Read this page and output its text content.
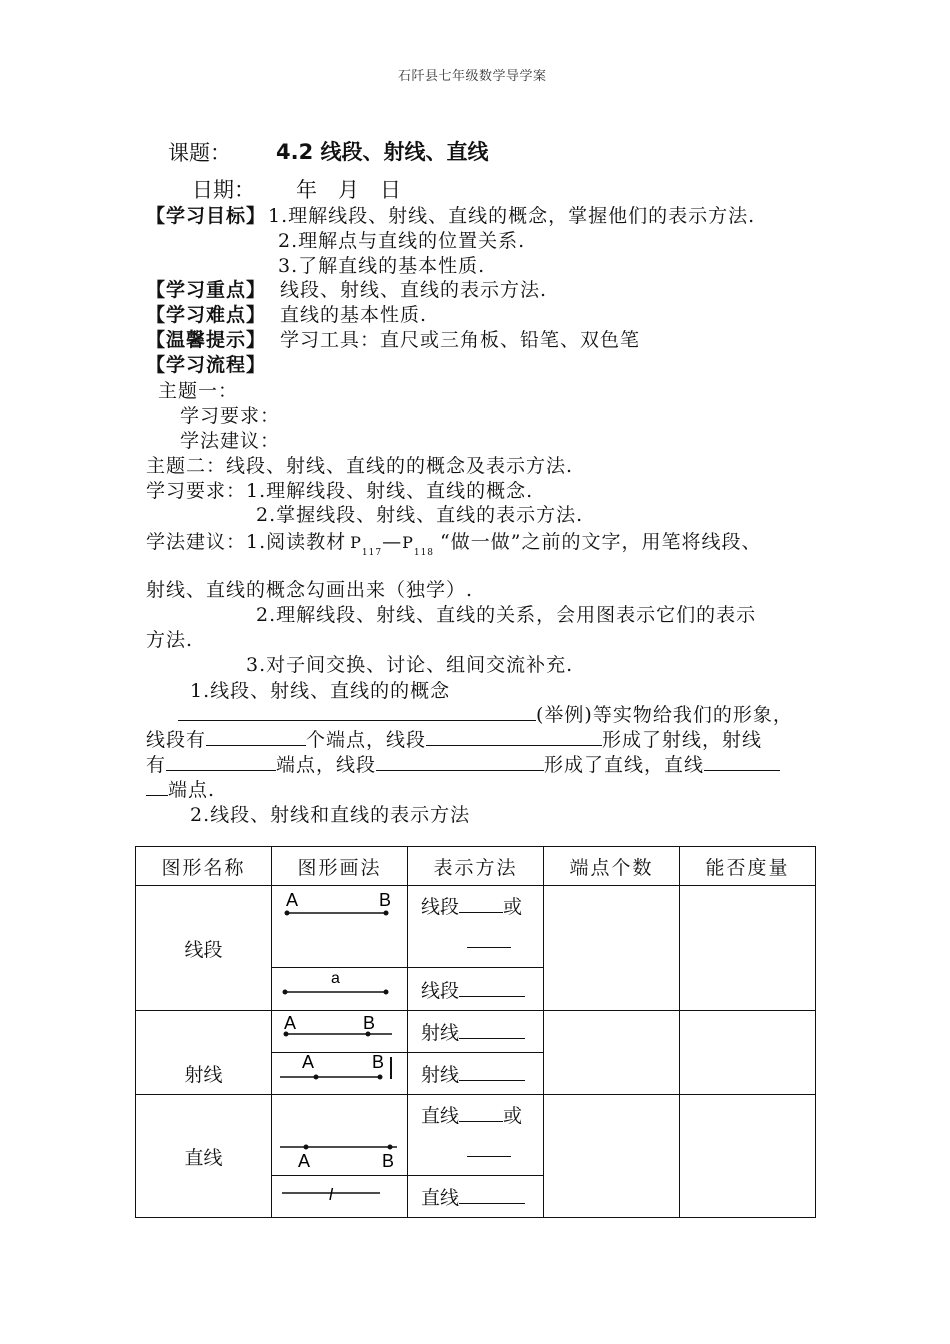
石阡县七年级数学导学案
课题： 4.2 线段、射线、直线
日期： 年 月 日
【学习目标】 1.理解线段、射线、直线的概念，掌握他们的表示方法.
2.理解点与直线的位置关系.
3.了解直线的基本性质.
【学习重点】 线段、射线、直线的表示方法.
【学习难点】 直线的基本性质.
【温馨提示】 学习工具：直尺或三角板、铅笔、双色笔
【学习流程】
主题一：
学习要求：
学法建议：
主题二：线段、射线、直线的的概念及表示方法.
学习要求：1.理解线段、射线、直线的概念.
2.掌握线段、射线、直线的表示方法.
学法建议：1.阅读教材 $P_{117}—P_{118}$ “做一做”之前的文字，用笔将线段、
射线、直线的概念勾画出来（独学）.
2.理解线段、射线、直线的关系，会用图表示它们的表示
方法.
3.对子间交换、讨论、组间交流补充.
1.线段、射线、直线的的概念
(举例)等实物给我们的形象，
线段有	个端点，线段	形成了射线，射线
有	端点，线段	形成了直线，直线
端点.
2.线段、射线和直线的表示方法
图形名称	图形画法	表示方法	端点个数	能否度量
线段	A B	线段 或		

a	线段		

射线	A B	射线		

A B	射线		
直线	A B	直线 或		

l	直线		
